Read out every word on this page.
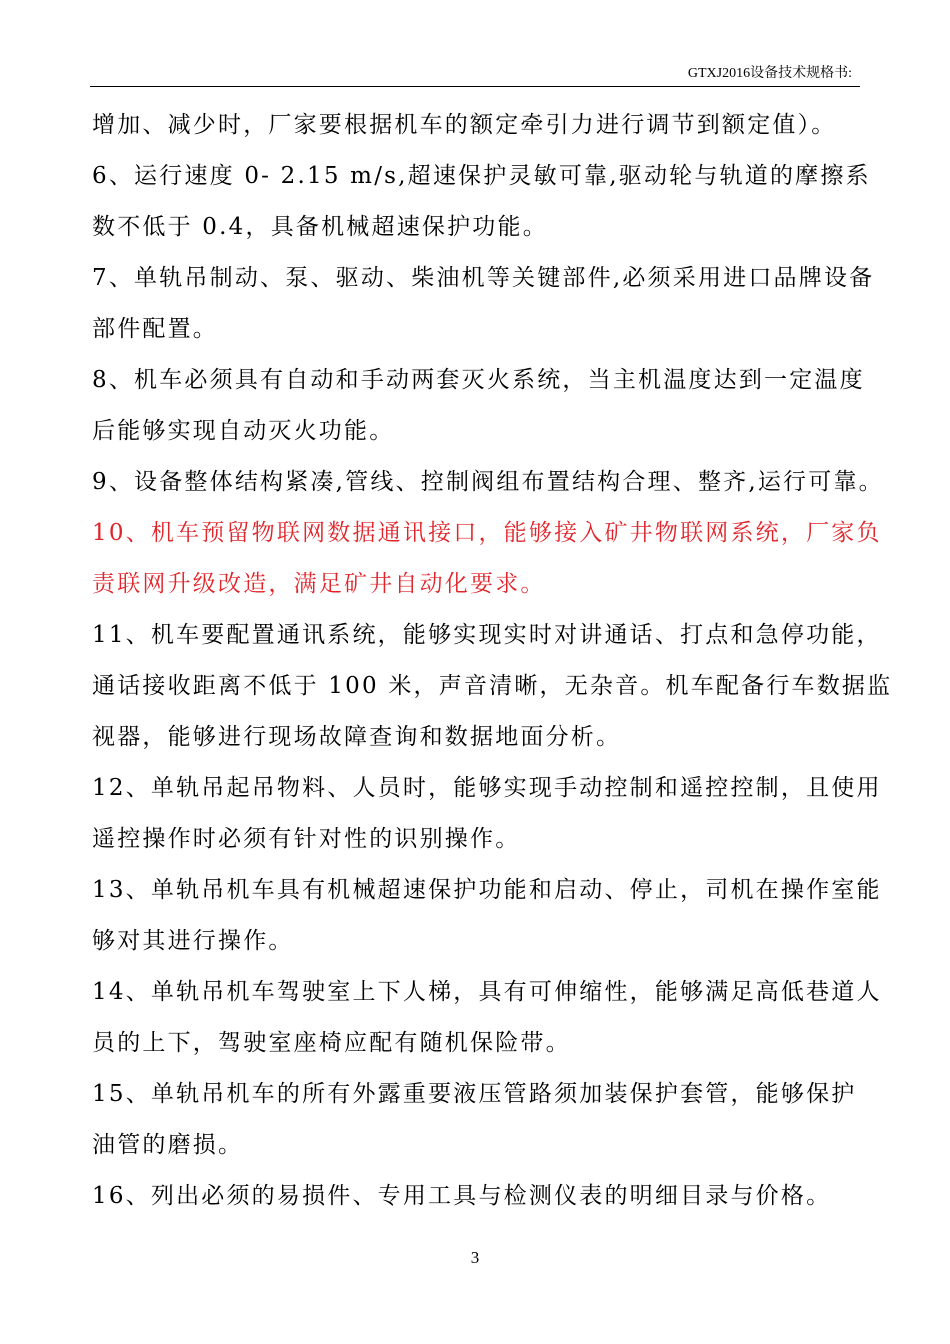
GTXJ2016设备技术规格书:
增加、减少时，厂家要根据机车的额定牵引力进行调节到额定值）。
6、运行速度 0- 2.15 m/s,超速保护灵敏可靠,驱动轮与轨道的摩擦系
数不低于 0.4，具备机械超速保护功能。
7、单轨吊制动、泵、驱动、柴油机等关键部件,必须采用进口品牌设备
部件配置。
8、机车必须具有自动和手动两套灭火系统，当主机温度达到一定温度
后能够实现自动灭火功能。
9、设备整体结构紧凑,管线、控制阀组布置结构合理、整齐,运行可靠。
10、机车预留物联网数据通讯接口，能够接入矿井物联网系统，厂家负
责联网升级改造，满足矿井自动化要求。
11、机车要配置通讯系统，能够实现实时对讲通话、打点和急停功能，
通话接收距离不低于 100 米，声音清晰，无杂音。机车配备行车数据监
视器，能够进行现场故障查询和数据地面分析。
12、单轨吊起吊物料、人员时，能够实现手动控制和遥控控制，且使用
遥控操作时必须有针对性的识别操作。
13、单轨吊机车具有机械超速保护功能和启动、停止，司机在操作室能
够对其进行操作。
14、单轨吊机车驾驶室上下人梯，具有可伸缩性，能够满足高低巷道人
员的上下，驾驶室座椅应配有随机保险带。
15、单轨吊机车的所有外露重要液压管路须加装保护套管，能够保护
油管的磨损。
16、列出必须的易损件、专用工具与检测仪表的明细目录与价格。
3
